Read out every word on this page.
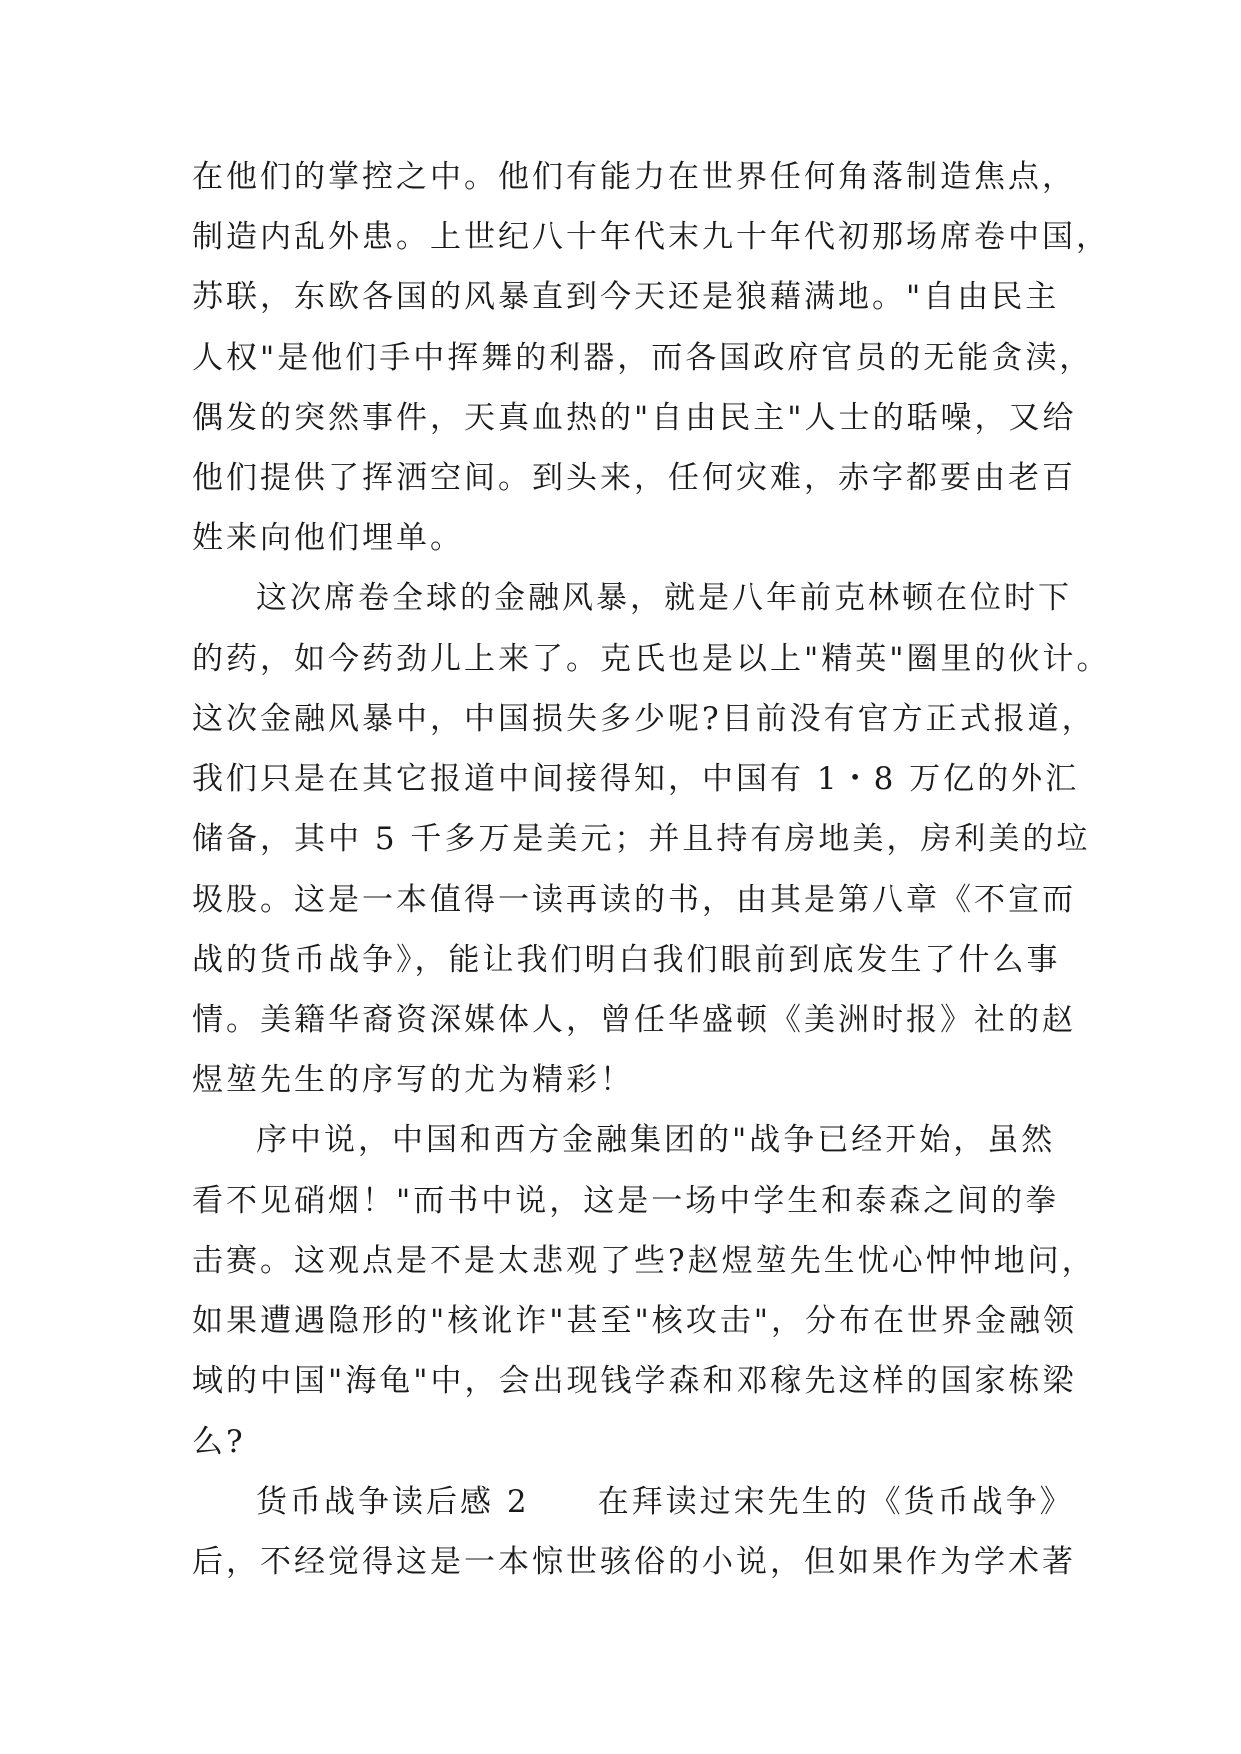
在他们的掌控之中。他们有能力在世界任何角落制造焦点，
制造内乱外患。上世纪八十年代末九十年代初那场席卷中国，
苏联，东欧各国的风暴直到今天还是狼藉满地。"自由民主
人权"是他们手中挥舞的利器，而各国政府官员的无能贪渎，
偶发的突然事件，天真血热的"自由民主"人士的聒噪，又给
他们提供了挥洒空间。到头来，任何灾难，赤字都要由老百
姓来向他们埋单。
这次席卷全球的金融风暴，就是八年前克林顿在位时下
的药，如今药劲儿上来了。克氏也是以上"精英"圈里的伙计。
这次金融风暴中，中国损失多少呢?目前没有官方正式报道，
我们只是在其它报道中间接得知，中国有 1・8 万亿的外汇
储备，其中 5 千多万是美元；并且持有房地美，房利美的垃
圾股。这是一本值得一读再读的书，由其是第八章《不宣而
战的货币战争》，能让我们明白我们眼前到底发生了什么事
情。美籍华裔资深媒体人，曾任华盛顿《美洲时报》社的赵
煜堃先生的序写的尤为精彩！
序中说，中国和西方金融集团的"战争已经开始，虽然
看不见硝烟！"而书中说，这是一场中学生和泰森之间的拳
击赛。这观点是不是太悲观了些?赵煜堃先生忧心忡忡地问，
如果遭遇隐形的"核讹诈"甚至"核攻击"，分布在世界金融领
域的中国"海龟"中，会出现钱学森和邓稼先这样的国家栋梁
么?
货币战争读后感 2　　在拜读过宋先生的《货币战争》
后，不经觉得这是一本惊世骇俗的小说，但如果作为学术著
